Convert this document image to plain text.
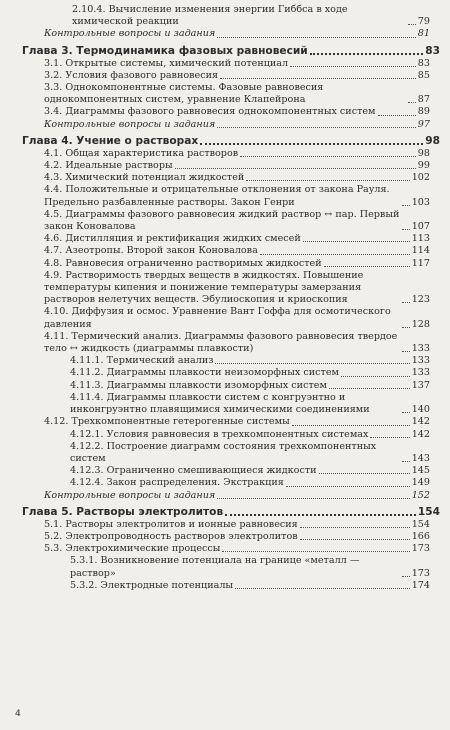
2.10.4. Вычисление изменения энергии Гиббса в ходе химической реакции	79
Контрольные вопросы и задания	81
Глава 3. Термодинамика фазовых равновесий	83
3.1. Открытые системы, химический потенциал	83
3.2. Условия фазового равновесия	85
3.3. Однокомпонентные системы. Фазовые равновесия однокомпонентных систем, уравнение Клапейрона	87
3.4. Диаграммы фазового равновесия однокомпонентных систем	89
Контрольные вопросы и задания	97
Глава 4. Учение о растворах	98
4.1. Общая характеристика растворов	98
4.2. Идеальные растворы	99
4.3. Химический потенциал жидкостей	102
4.4. Положительные и отрицательные отклонения от закона Рауля. Предельно разбавленные растворы. Закон Генри	103
4.5. Диаграммы фазового равновесия жидкий раствор ↔ пар. Первый закон Коновалова	107
4.6. Дистилляция и ректификация жидких смесей	113
4.7. Азеотропы. Второй закон Коновалова	114
4.8. Равновесия ограниченно растворимых жидкостей	117
4.9. Растворимость твердых веществ в жидкостях. Повышение температуры кипения и понижение температуры замерзания растворов нелетучих веществ. Эбулиоскопия и криоскопия	123
4.10. Диффузия и осмос. Уравнение Вант Гоффа для осмотического давления	128
4.11. Термический анализ. Диаграммы фазового равновесия твердое тело ↔ жидкость (диаграммы плавкости)	133
4.11.1. Термический анализ	133
4.11.2. Диаграммы плавкости неизоморфных систем	133
4.11.3. Диаграммы плавкости изоморфных систем	137
4.11.4. Диаграммы плавкости систем с конгруэнтно и инконгруэнтно плавящимися химическими соединениями	140
4.12. Трехкомпонентные гетерогенные системы	142
4.12.1. Условия равновесия в трехкомпонентных системах	142
4.12.2. Построение диаграмм состояния трехкомпонентных систем	143
4.12.3. Ограниченно смешивающиеся жидкости	145
4.12.4. Закон распределения. Экстракция	149
Контрольные вопросы и задания	152
Глава 5. Растворы электролитов	154
5.1. Растворы электролитов и ионные равновесия	154
5.2. Электропроводность растворов электролитов	166
5.3. Электрохимические процессы	173
5.3.1. Возникновение потенциала на границе «металл — раствор»	173
5.3.2. Электродные потенциалы	174
4
